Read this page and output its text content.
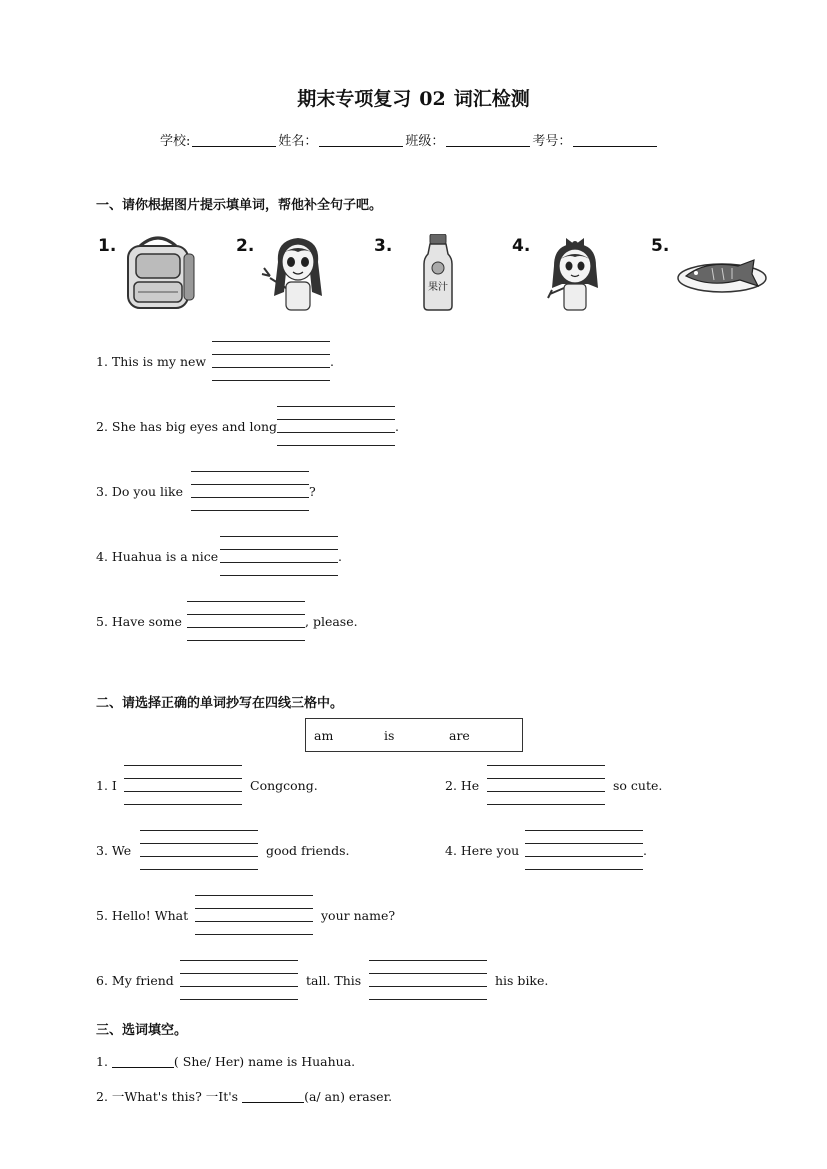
期末专项复习 02 词汇检测
学校:	姓名：	班级：	考号：
一、请你根据图片提示填单词，帮他补全句子吧。
1.	2.	3.
果汁
4.	5.
1. This is my new	.
2. She has big eyes and long	.
3. Do you like	?
4. Huahua is a nice	.
5. Have some	, please.
二、请选择正确的单词抄写在四线三格中。
am	is	are
1. I	Congcong.	2. He	so cute.
3. We	good friends.	4. Here you	.
5. Hello! What	your name?
6. My friend	tall. This	his bike.
三、选词填空。
1.	( She/ Her) name is Huahua.
2. 一What's this? 一It's	(a/ an) eraser.
